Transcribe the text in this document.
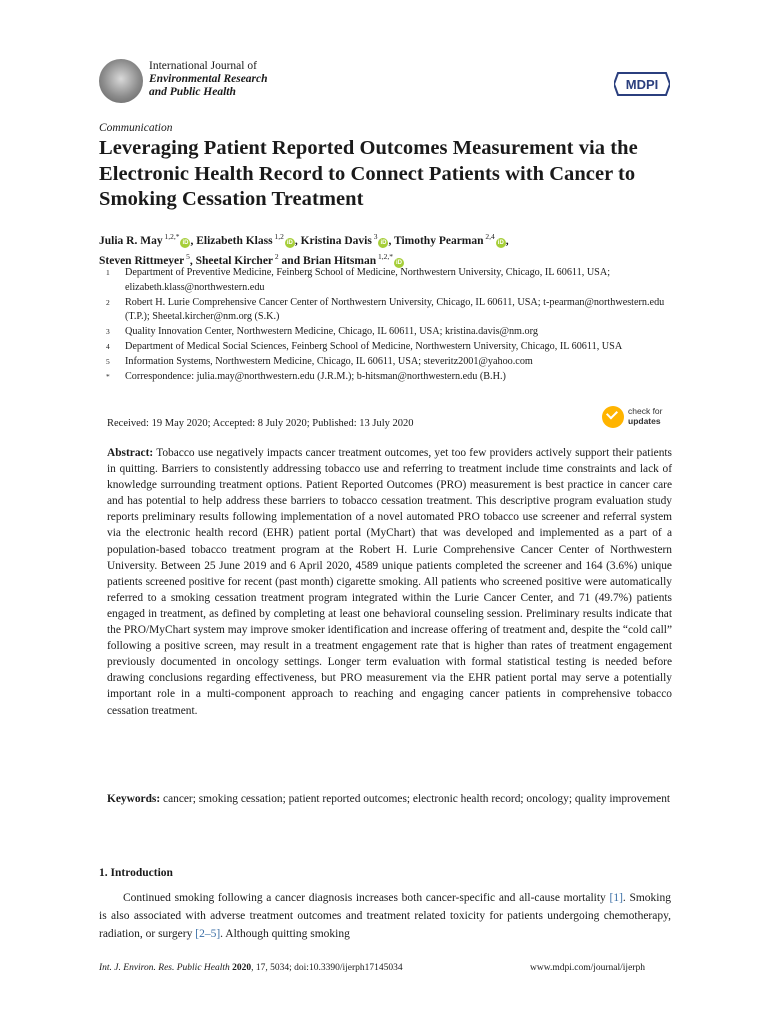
International Journal of
Environmental Research
and Public Health	MDPI
Communication
Leveraging Patient Reported Outcomes Measurement via the Electronic Health Record to Connect Patients with Cancer to Smoking Cessation Treatment
Julia R. May $^{1,2,*}$iD , Elizabeth Klass $^{1,2}$iD , Kristina Davis $^3$iD , Timothy Pearman $^{2,4}$iD ,
Steven Rittmeyer $^5$, Sheetal Kircher $^2$ and Brian Hitsman $^{1,2,*}$iD
1 Department of Preventive Medicine, Feinberg School of Medicine, Northwestern University, Chicago, IL 60611, USA; elizabeth.klass@northwestern.edu
2 Robert H. Lurie Comprehensive Cancer Center of Northwestern University, Chicago, IL 60611, USA; t-pearman@northwestern.edu (T.P.); Sheetal.kircher@nm.org (S.K.)
3 Quality Innovation Center, Northwestern Medicine, Chicago, IL 60611, USA; kristina.davis@nm.org
4 Department of Medical Social Sciences, Feinberg School of Medicine, Northwestern University, Chicago, IL 60611, USA
5 Information Systems, Northwestern Medicine, Chicago, IL 60611, USA; steveritz2001@yahoo.com
* Correspondence: julia.may@northwestern.edu (J.R.M.); b-hitsman@northwestern.edu (B.H.)
Received: 19 May 2020; Accepted: 8 July 2020; Published: 13 July 2020
check for
updates
Abstract: Tobacco use negatively impacts cancer treatment outcomes, yet too few providers actively support their patients in quitting. Barriers to consistently addressing tobacco use and referring to treatment include time constraints and lack of knowledge surrounding treatment options. Patient Reported Outcomes (PRO) measurement is best practice in cancer care and has potential to help address these barriers to tobacco cessation treatment. This descriptive program evaluation study reports preliminary results following implementation of a novel automated PRO tobacco use screener and referral system via the electronic health record (EHR) patient portal (MyChart) that was developed and implemented as a part of a population-based tobacco treatment program at the Robert H. Lurie Comprehensive Cancer Center of Northwestern University. Between 25 June 2019 and 6 April 2020, 4589 unique patients completed the screener and 164 (3.6%) unique patients screened positive for recent (past month) cigarette smoking. All patients who screened positive were automatically referred to a smoking cessation treatment program integrated within the Lurie Cancer Center, and 71 (49.7%) patients engaged in treatment, as defined by completing at least one behavioral counseling session. Preliminary results indicate that the PRO/MyChart system may improve smoker identification and increase offering of treatment and, despite the “cold call” following a positive screen, may result in a treatment engagement rate that is higher than rates of treatment engagement previously documented in oncology settings. Longer term evaluation with formal statistical testing is needed before drawing conclusions regarding effectiveness, but PRO measurement via the EHR patient portal may serve a potentially important role in a multi-component approach to reaching and engaging cancer patients in comprehensive tobacco cessation treatment.
Keywords: cancer; smoking cessation; patient reported outcomes; electronic health record; oncology; quality improvement
1. Introduction
Continued smoking following a cancer diagnosis increases both cancer-specific and all-cause mortality [1]. Smoking is also associated with adverse treatment outcomes and treatment related toxicity for patients undergoing chemotherapy, radiation, or surgery [2–5]. Although quitting smoking
Int. J. Environ. Res. Public Health 2020, 17, 5034; doi:10.3390/ijerph17145034	www.mdpi.com/journal/ijerph
